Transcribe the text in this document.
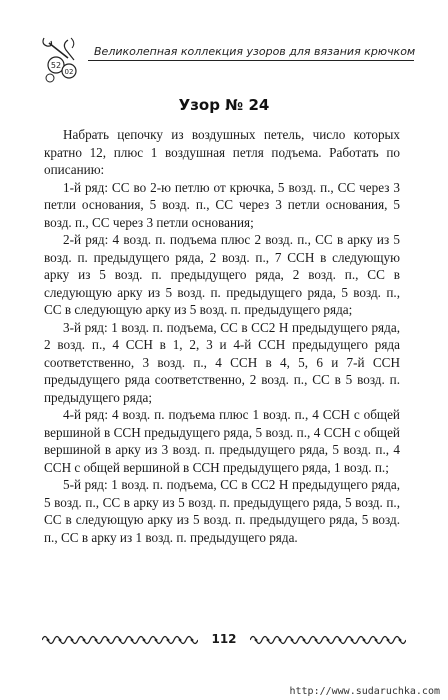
52
02
Великолепная коллекция узоров для вязания крючком
Узор № 24

Набрать цепочку из воздушных петель, число которых кратно 12, плюс 1 воздушная петля подъема. Работать по описанию:

1-й ряд: СС во 2-ю петлю от крючка, 5 возд. п., СС через 3 петли основания, 5 возд. п., СС через 3 петли основания, 5 возд. п., СС через 3 петли основания;

2-й ряд: 4 возд. п. подъема плюс 2 возд. п., СС в арку из 5 возд. п. предыдущего ряда, 2 возд. п., 7 ССН в следующую арку из 5 возд. п. предыдущего ряда, 2 возд. п., СС в следующую арку из 5 возд. п. предыдущего ряда, 5 возд. п., СС в следующую арку из 5 возд. п. предыдущего ряда;

3-й ряд: 1 возд. п. подъема, СС в СС2 Н предыдущего ряда, 2 возд. п., 4 ССН в 1, 2, 3 и 4-й ССН предыдущего ряда соответственно, 3 возд. п., 4 ССН в 4, 5, 6 и 7-й ССН предыдущего ряда соответственно, 2 возд. п., СС в 5 возд. п. предыдущего ряда;

4-й ряд: 4 возд. п. подъема плюс 1 возд. п., 4 ССН с общей вершиной в ССН предыдущего ряда, 5 возд. п., 4 ССН с общей вершиной в арку из 3 возд. п. предыдущего ряда, 5 возд. п., 4 ССН с общей вершиной в ССН предыдущего ряда, 1 возд. п.;

5-й ряд: 1 возд. п. подъема, СС в СС2 Н предыдущего ряда, 5 возд. п., СС в арку из 5 возд. п. предыдущего ряда, 5 возд. п., СС в следующую арку из 5 возд. п. предыдущего ряда, 5 возд. п., СС в арку из 1 возд. п. предыдущего ряда.

112
http://www.sudaruchka.com
